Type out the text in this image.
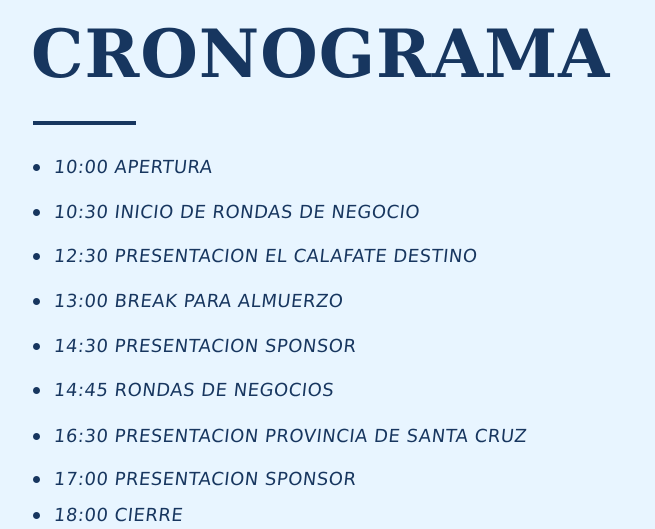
CRONOGRAMA
10:00 APERTURA
10:30 INICIO DE RONDAS DE NEGOCIO
12:30 PRESENTACION EL CALAFATE DESTINO
13:00 BREAK PARA ALMUERZO
14:30 PRESENTACION SPONSOR
14:45 RONDAS DE NEGOCIOS
16:30 PRESENTACION PROVINCIA DE SANTA CRUZ
17:00 PRESENTACION SPONSOR
18:00 CIERRE
